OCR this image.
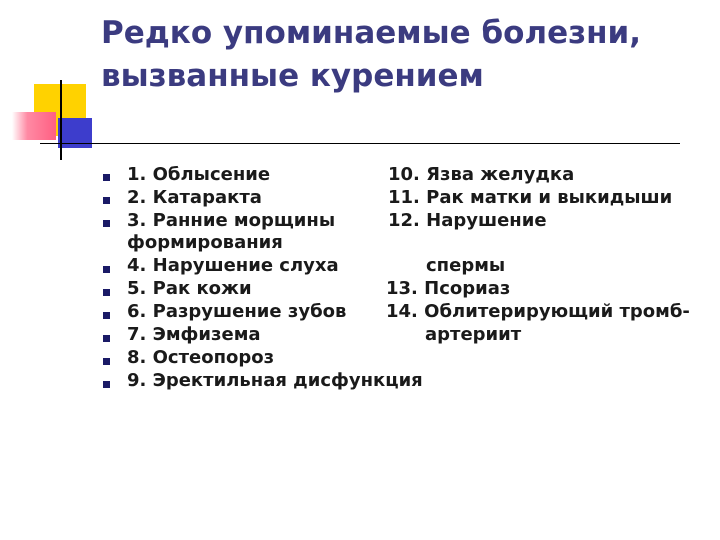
Редко упоминаемые болезни,
вызванные курением
1. Облысение
2. Катаракта
3. Ранние морщины
формирования
4. Нарушение слуха
5. Рак кожи
6. Разрушение зубов
7. Эмфизема
8. Остеопороз
9. Эректильная дисфункция
10. Язва желудка
11. Рак матки и выкидыши
12. Нарушение
спермы
13. Псориаз
14. Облитерирующий тромб-
артериит
